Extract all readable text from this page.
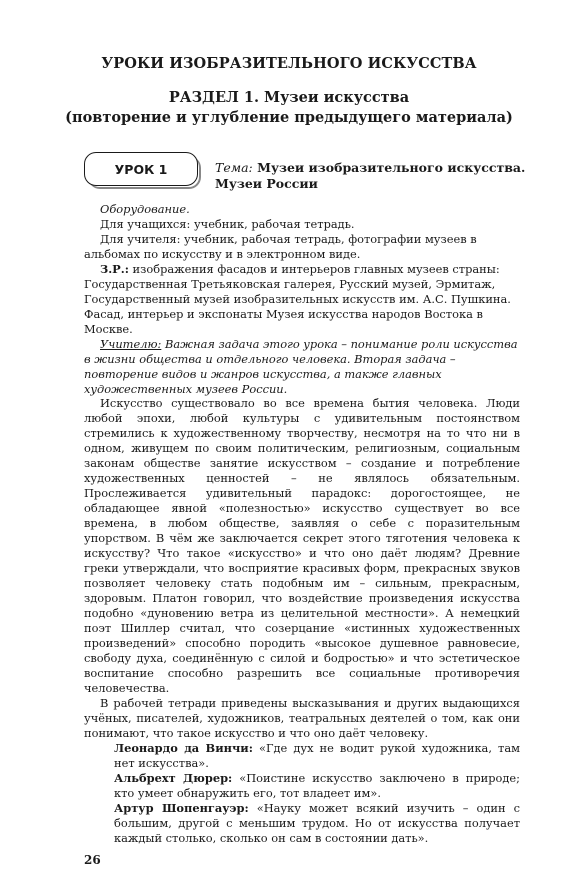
УРОКИ ИЗОБРАЗИТЕЛЬНОГО ИСКУССТВА
РАЗДЕЛ 1. Музеи искусства
(повторение и углубление предыдущего материала)
УРОК 1	Тема: Музеи изобразительного искусства. Музеи России

Оборудование.

Для учащихся: учебник, рабочая тетрадь.

Для учителя: учебник, рабочая тетрадь, фотографии музеев в альбомах по искусству и в электронном виде.

З.Р.: изображения фасадов и интерьеров главных музеев страны: Государственная Третьяковская галерея, Русский музей, Эрмитаж, Государственный музей изобразительных искусств им. А.С. Пушкина. Фасад, интерьер и экспонаты Музея искусства народов Востока в Москве.

Учителю: Важная задача этого урока – понимание роли искусства в жизни общества и отдельного человека. Вторая задача – повторение видов и жанров искусства, а также главных художественных музеев России.

Искусство существовало во все времена бытия человека. Люди любой эпохи, любой культуры с удивительным постоянством стремились к художественному творчеству, несмотря на то что ни в одном, живущем по своим политическим, религиозным, социальным законам обществе занятие искусством – создание и потребление художественных ценностей – не являлось обязательным. Прослеживается удивительный парадокс: дорогостоящее, не обладающее явной «полезностью» искусство существует во все времена, в любом обществе, заявляя о себе с поразительным упорством. В чём же заключается секрет этого тяготения человека к искусству? Что такое «искусство» и что оно даёт людям? Древние греки утверждали, что восприятие красивых форм, прекрасных звуков позволяет человеку стать подобным им – сильным, прекрасным, здоровым. Платон говорил, что воздействие произведения искусства подобно «дуновению ветра из целительной местности». А немецкий поэт Шиллер считал, что созерцание «истинных художественных произведений» способно породить «высокое душевное равновесие, свободу духа, соединённую с силой и бодростью» и что эстетическое воспитание способно разрешить все социальные противоречия человечества.

В рабочей тетради приведены высказывания и других выдающихся учёных, писателей, художников, театральных деятелей о том, как они понимают, что такое искусство и что оно даёт человеку.

Леонардо да Винчи: «Где дух не водит рукой художника, там нет искусства».

Альбрехт Дюрер: «Поистине искусство заключено в природе; кто умеет обнаружить его, тот владеет им».

Артур Шопенгауэр: «Науку может всякий изучить – один с большим, другой с меньшим трудом. Но от искусства получает каждый столько, сколько он сам в состоянии дать».

26
